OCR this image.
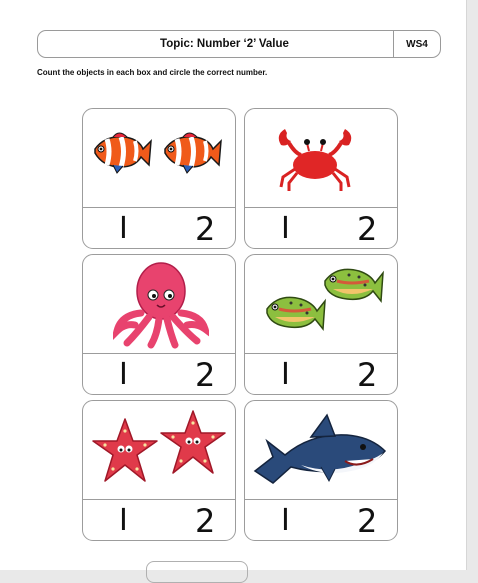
Topic: Number ‘2’ Value	WS4

Count the objects in each box and circle the correct number.

I 2 I 2
I 2 I 2
I 2 I 2
